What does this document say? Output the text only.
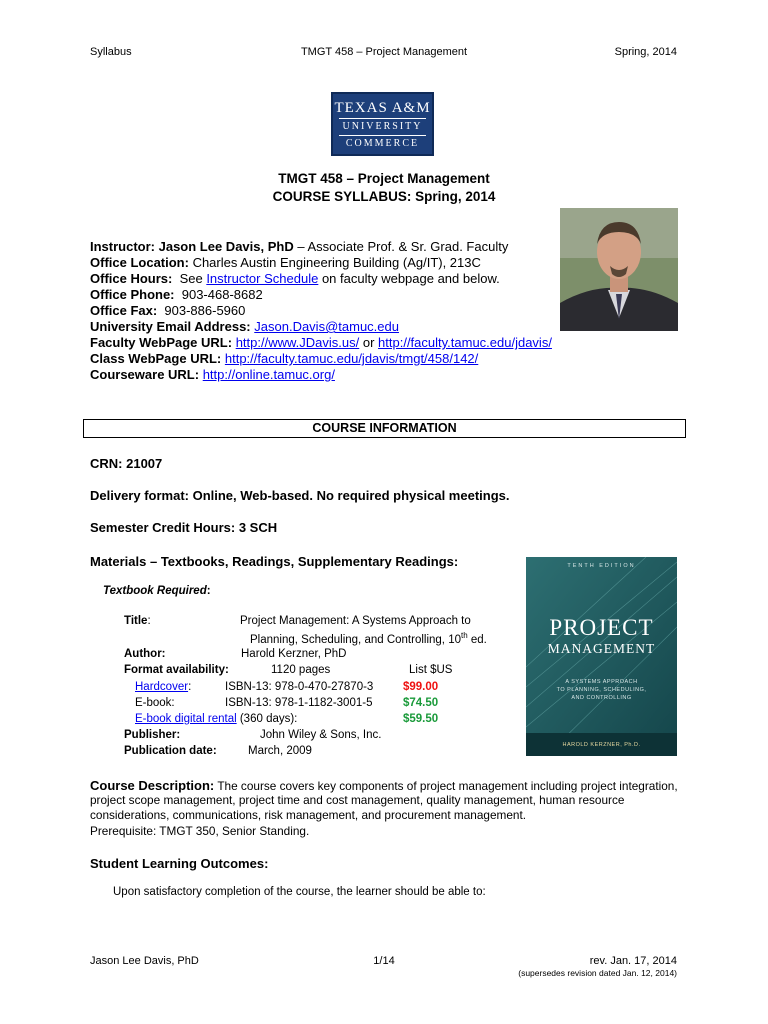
Syllabus	TMGT 458 – Project Management	Spring, 2014
TEXAS A&M
UNIVERSITY
COMMERCE
TMGT 458 – Project Management
COURSE SYLLABUS: Spring, 2014
Instructor: Jason Lee Davis, PhD – Associate Prof. & Sr. Grad. Faculty
Office Location: Charles Austin Engineering Building (Ag/IT), 213C
Office Hours:  See Instructor Schedule on faculty webpage and below.
Office Phone:  903-468-8682
Office Fax:  903-886-5960
University Email Address: Jason.Davis@tamuc.edu
Faculty WebPage URL: http://www.JDavis.us/ or http://faculty.tamuc.edu/jdavis/
Class WebPage URL: http://faculty.tamuc.edu/jdavis/tmgt/458/142/
Courseware URL: http://online.tamuc.org/
COURSE INFORMATION
CRN: 21007
Delivery format: Online, Web-based. No required physical meetings.
Semester Credit Hours: 3 SCH
Materials – Textbooks, Readings, Supplementary Readings:
Textbook Required:
Title:	Project Management: A Systems Approach to
Planning, Scheduling, and Controlling, 10th ed.
Author:	Harold Kerzner, PhD
Format availability:	1120 pages	List $US
Hardcover:	ISBN-13: 978-0-470-27870-3	$99.00
E-book:	ISBN-13: 978-1-1182-3001-5	$74.50
E-book digital rental (360 days):	$59.50
Publisher:	John Wiley & Sons, Inc.
Publication date:	March, 2009
TENTH EDITION
PROJECT
MANAGEMENT
A SYSTEMS APPROACH
TO PLANNING, SCHEDULING,
AND CONTROLLING
HAROLD KERZNER, Ph.D.
Course Description: The course covers key components of project management including project integration, project scope management, project time and cost management, quality management, human resource considerations, communications, risk management, and procurement management.
Prerequisite: TMGT 350, Senior Standing.
Student Learning Outcomes:
Upon satisfactory completion of the course, the learner should be able to:
Jason Lee Davis, PhD	1/14	rev. Jan. 17, 2014
(supersedes revision dated Jan. 12, 2014)
